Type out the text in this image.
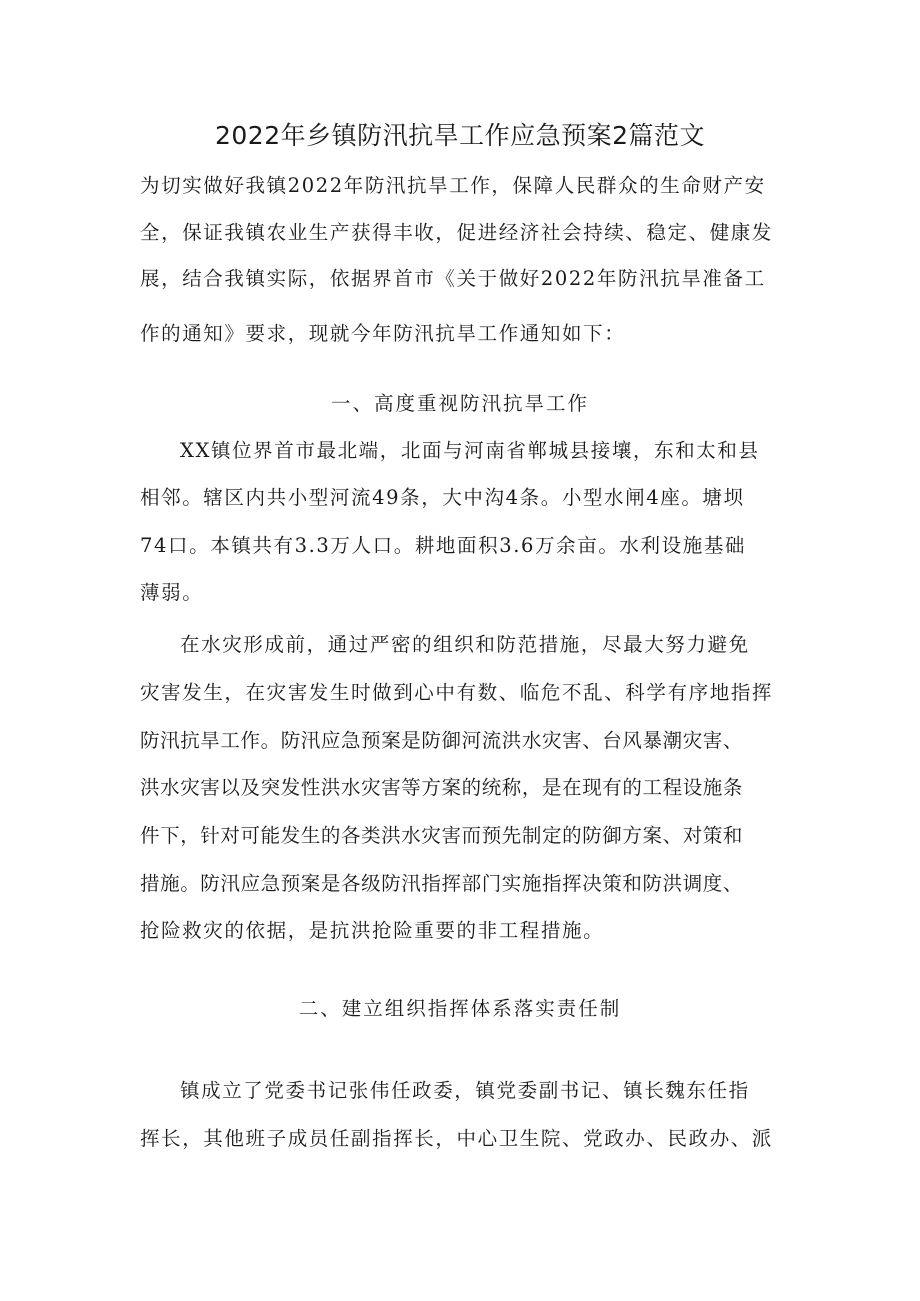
2022年乡镇防汛抗旱工作应急预案2篇范文
为切实做好我镇2022年防汛抗旱工作，保障人民群众的生命财产安
全，保证我镇农业生产获得丰收，促进经济社会持续、稳定、健康发
展，结合我镇实际，依据界首市《关于做好2022年防汛抗旱准备工
作的通知》要求，现就今年防汛抗旱工作通知如下：
一、高度重视防汛抗旱工作
XX镇位界首市最北端，北面与河南省郸城县接壤，东和太和县
相邻。辖区内共小型河流49条，大中沟4条。小型水闸4座。塘坝
74口。本镇共有3.3万人口。耕地面积3.6万余亩。水利设施基础
薄弱。
在水灾形成前，通过严密的组织和防范措施，尽最大努力避免
灾害发生，在灾害发生时做到心中有数、临危不乱、科学有序地指挥
防汛抗旱工作。防汛应急预案是防御河流洪水灾害、台风暴潮灾害、
洪水灾害以及突发性洪水灾害等方案的统称，是在现有的工程设施条
件下，针对可能发生的各类洪水灾害而预先制定的防御方案、对策和
措施。防汛应急预案是各级防汛指挥部门实施指挥决策和防洪调度、
抢险救灾的依据，是抗洪抢险重要的非工程措施。
二、建立组织指挥体系落实责任制
镇成立了党委书记张伟任政委，镇党委副书记、镇长魏东任指
挥长，其他班子成员任副指挥长，中心卫生院、党政办、民政办、派
